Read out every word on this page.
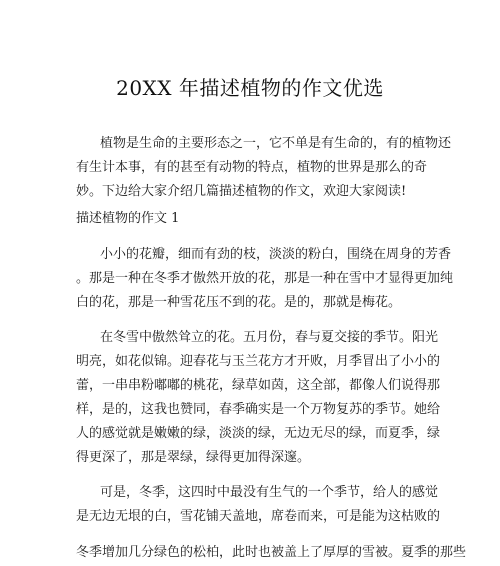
20XX 年描述植物的作文优选
植物是生命的主要形态之一，它不单是有生命的，有的植物还
有生计本事，有的甚至有动物的特点，植物的世界是那么的奇
妙。下边给大家介绍几篇描述植物的作文，欢迎大家阅读!
描述植物的作文 1
小小的花瓣，细而有劲的枝，淡淡的粉白，围绕在周身的芳香
。那是一种在冬季才傲然开放的花，那是一种在雪中才显得更加纯
白的花，那是一种雪花压不到的花。是的，那就是梅花。
在冬雪中傲然耸立的花。五月份，春与夏交接的季节。阳光
明亮，如花似锦。迎春花与玉兰花方才开败，月季冒出了小小的
蕾，一串串粉嘟嘟的桃花，绿草如茵，这全部，都像人们说得那
样，是的，这我也赞同，春季确实是一个万物复苏的季节。她给
人的感觉就是嫩嫩的绿，淡淡的绿，无边无尽的绿，而夏季，绿
得更深了，那是翠绿，绿得更加得深邃。
可是，冬季，这四时中最没有生气的一个季节，给人的感觉
是无边无垠的白，雪花铺天盖地，席卷而来，可是能为这枯败的
冬季增加几分绿色的松柏，此时也被盖上了厚厚的雪被。夏季的那些
